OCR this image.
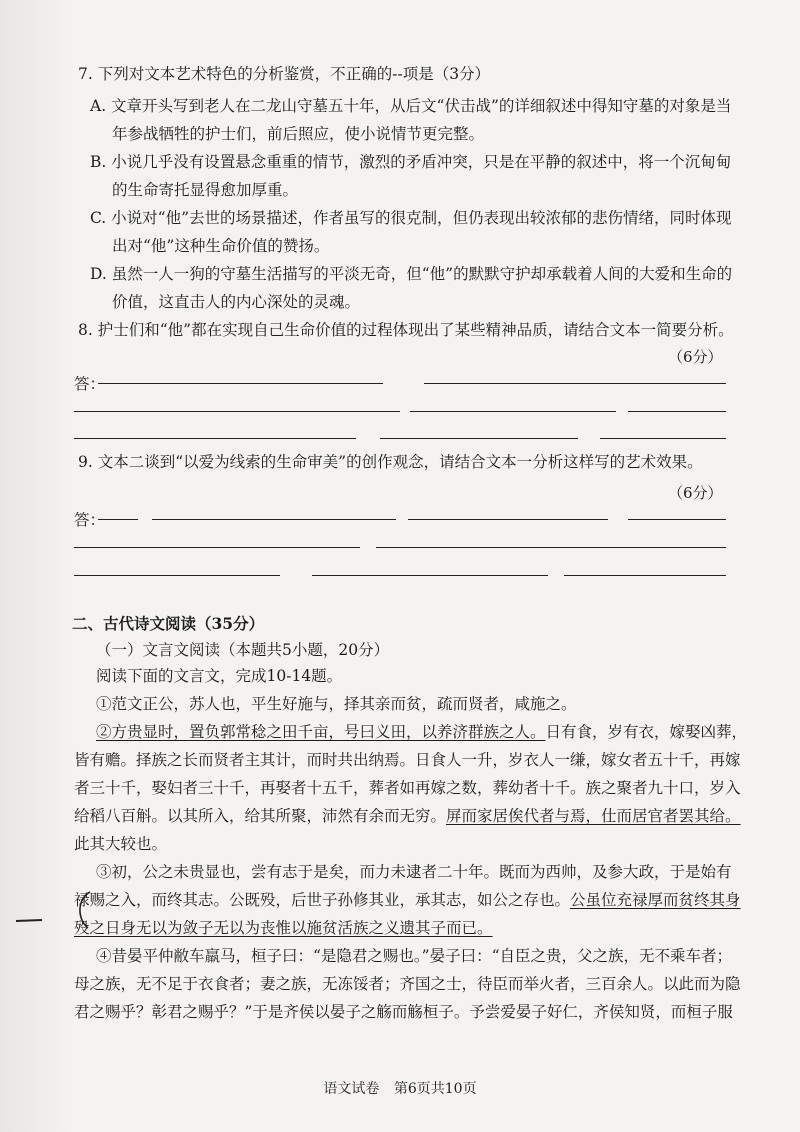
7. 下列对文本艺术特色的分析鉴赏，不正确的--项是（3分）
A. 文章开头写到老人在二龙山守墓五十年，从后文“伏击战”的详细叙述中得知守墓的对象是当
年参战牺牲的护士们，前后照应，使小说情节更完整。
B. 小说几乎没有设置悬念重重的情节，激烈的矛盾冲突，只是在平静的叙述中，将一个沉甸甸
的生命寄托显得愈加厚重。
C. 小说对“他”去世的场景描述，作者虽写的很克制，但仍表现出较浓郁的悲伤情绪，同时体现
出对“他”这种生命价值的赞扬。
D. 虽然一人一狗的守墓生活描写的平淡无奇，但“他”的默默守护却承载着人间的大爱和生命的
价值，这直击人的内心深处的灵魂。
8. 护士们和“他”都在实现自己生命价值的过程体现出了某些精神品质，请结合文本一简要分析。
（6分）
答：
9. 文本二谈到“以爱为线索的生命审美”的创作观念，请结合文本一分析这样写的艺术效果。
（6分）
答：
二、古代诗文阅读（35分）
（一）文言文阅读（本题共5小题，20分）
阅读下面的文言文，完成10-14题。
①范文正公，苏人也，平生好施与，择其亲而贫，疏而贤者，咸施之。
②方贵显时，置负郭常稔之田千亩，号曰义田，以养济群族之人。日有食，岁有衣，嫁娶凶葬，
皆有赡。择族之长而贤者主其计，而时共出纳焉。日食人一升，岁衣人一缣，嫁女者五十千，再嫁
者三十千，娶妇者三十千，再娶者十五千，葬者如再嫁之数，葬幼者十千。族之聚者九十口，岁入
给稻八百斛。以其所入，给其所聚，沛然有余而无穷。屏而家居俟代者与焉，仕而居官者罢其给。
此其大较也。
③初，公之未贵显也，尝有志于是矣，而力未逮者二十年。既而为西帅，及参大政，于是始有
禄赐之入，而终其志。公既殁，后世子孙修其业，承其志，如公之存也。公虽位充禄厚而贫终其身
殁之日身无以为敛子无以为丧惟以施贫活族之义遗其子而已。
④昔晏平仲敝车羸马，桓子曰：“是隐君之赐也。”晏子曰：“自臣之贵，父之族，无不乘车者；
母之族，无不足于衣食者；妻之族，无冻馁者；齐国之士，待臣而举火者，三百余人。以此而为隐
君之赐乎？彰君之赐乎？”于是齐侯以晏子之觞而觞桓子。予尝爱晏子好仁，齐侯知贤，而桓子服
语文试卷 第6页共10页
